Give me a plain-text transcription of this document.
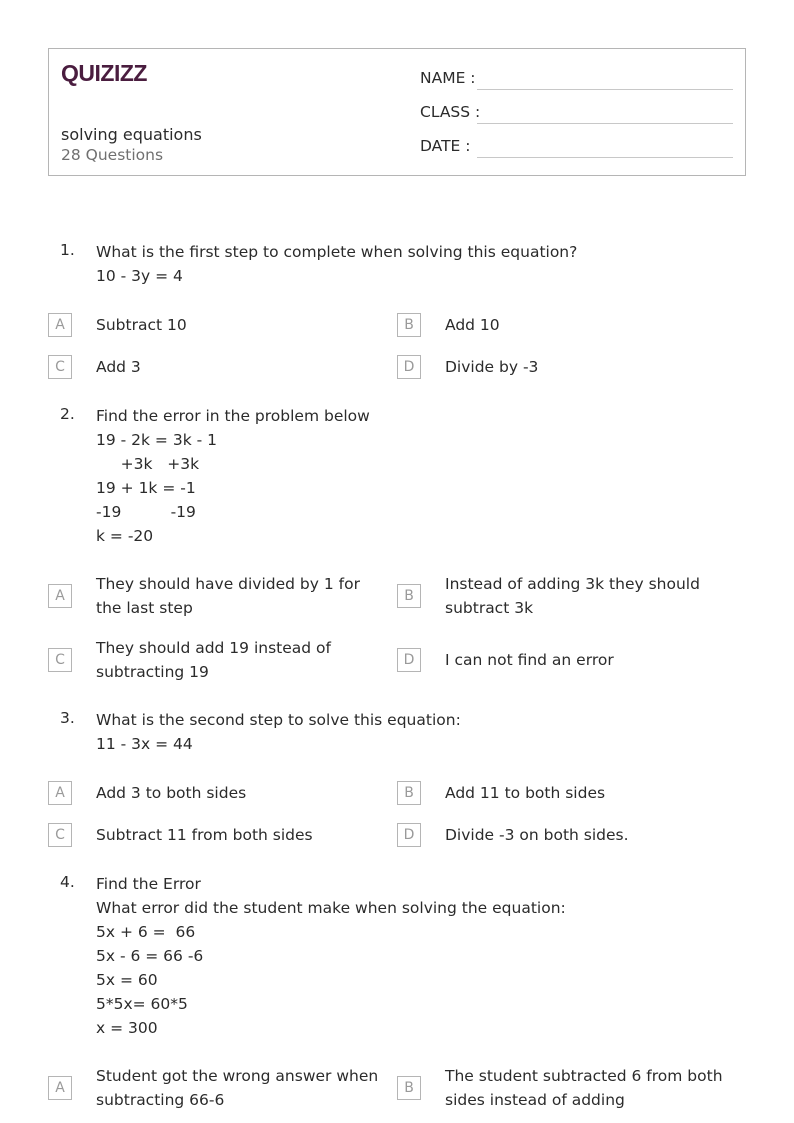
QUIZIZZ
solving equations
28 Questions
NAME :
CLASS :
DATE :
1. What is the first step to complete when solving this equation?
10 - 3y = 4
A	Subtract 10	B	Add 10
C	Add 3	D	Divide by -3
2. Find the error in the problem below
19 - 2k = 3k - 1
+3k   +3k
19 + 1k = -1
-19          -19
k = -20
A
They should have divided by 1 for the last step
B
Instead of adding 3k they should subtract 3k
C
They should add 19 instead of subtracting 19
D	I can not find an error
3. What is the second step to solve this equation:
11 - 3x = 44
A	Add 3 to both sides	B	Add 11 to both sides
C	Subtract 11 from both sides	D	Divide -3 on both sides.
4. Find the Error
What error did the student make when solving the equation:
5x + 6 =  66
5x - 6 = 66 -6
5x = 60
5*5x= 60*5
x = 300
A
Student got the wrong answer when subtracting 66-6
B
The student subtracted 6 from both sides instead of adding
